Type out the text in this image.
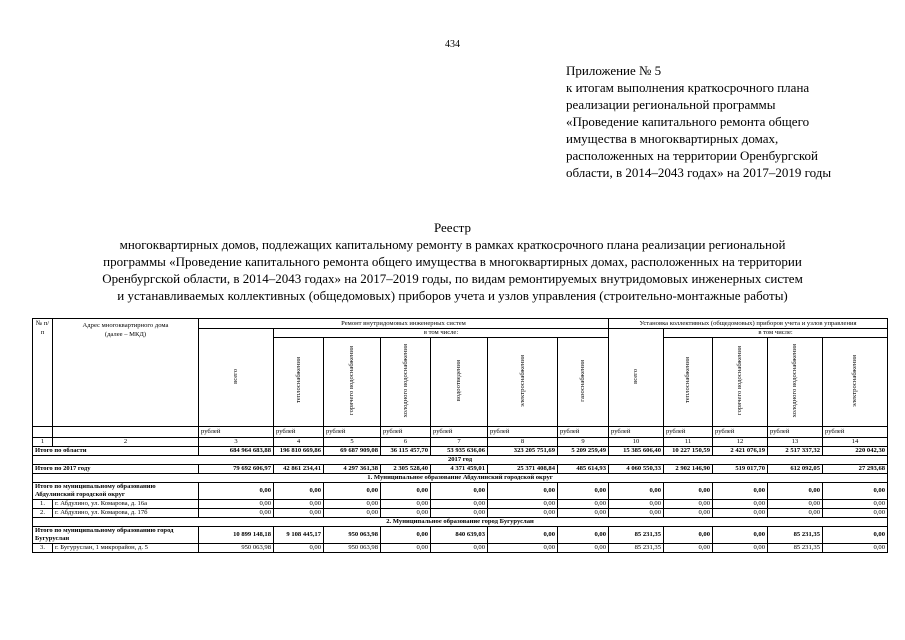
434
Приложение № 5
к итогам выполнения краткосрочного плана
реализации региональной программы
«Проведение капитального ремонта общего
имущества в многоквартирных домах,
расположенных на территории Оренбургской
области, в 2014–2043 годах» на 2017–2019 годы
Реестр
многоквартирных домов, подлежащих капитальному ремонту в рамках краткосрочного плана реализации региональной
программы «Проведение капитального ремонта общего имущества в многоквартирных домах, расположенных на территории
Оренбургской области, в 2014–2043 годах» на 2017–2019 годы, по видам ремонтируемых внутридомовых инженерных систем
и устанавливаемых коллективных (общедомовых) приборов учета и узлов управления (строительно-монтажные работы)
№ п/п	Адрес многоквартирного дома (далее – МКД)	Ремонт внутридомовых инженерных систем							Установка коллективных (общедомовых) приборов учета и узлов управления				
		всего	в том числе:						всего	в том числе:			
			теплоснабжения	горячего водоснабжения	холодного водоснабжения	водоотведения	электроснабжения	газоснабжения		теплоснабжения	горячего водоснабжения	холодного водоснабжения	электроснабжения
		рублей	рублей	рублей	рублей	рублей	рублей	рублей	рублей	рублей	рублей	рублей	рублей
1	2	3	4	5	6	7	8	9	10	11	12	13	14
Итого по области		684 964 683,88	196 810 669,86	69 687 909,08	36 115 457,70	53 935 636,06	323 205 751,69	5 209 259,49	15 385 606,40	10 227 150,59	2 421 076,19	2 517 337,32	220 042,30
2017 год													
Итого по 2017 году		79 692 606,97	42 861 234,41	4 297 361,38	2 305 528,40	4 371 459,01	25 371 408,84	485 614,93	4 060 550,33	2 902 146,90	519 017,70	612 092,05	27 293,68
1. Муниципальное образование Абдулинский городской округ													
Итого по муниципальному образованию Абдулинский городской округ		0,00	0,00	0,00	0,00	0,00	0,00	0,00	0,00	0,00	0,00	0,00	0,00
1.	г. Абдулино, ул. Комарова, д. 16а	0,00	0,00	0,00	0,00	0,00	0,00	0,00	0,00	0,00	0,00	0,00	0,00
2.	г. Абдулино, ул. Комарова, д. 17б	0,00	0,00	0,00	0,00	0,00	0,00	0,00	0,00	0,00	0,00	0,00	0,00
2. Муниципальное образование город Бугуруслан													
Итого по муниципальному образованию город Бугуруслан		10 899 148,18	9 108 445,17	950 063,98	0,00	840 639,03	0,00	0,00	85 231,35	0,00	0,00	85 231,35	0,00
3.	г. Бугуруслан, 1 микрорайон, д. 5	950 063,98	0,00	950 063,98	0,00	0,00	0,00	0,00	85 231,35	0,00	0,00	85 231,35	0,00
